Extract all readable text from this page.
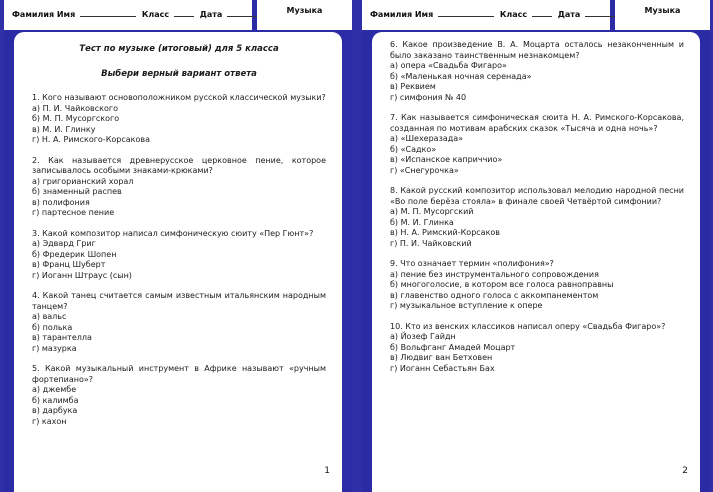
Фамилия Имя	Класс	Дата	Музыка
Тест по музыке (итоговый) для 5 класса
Выбери верный вариант ответа
1. Кого называют основоположником русской классической музыки?
а) П. И. Чайковского
б) М. П. Мусоргского
в) М. И. Глинку
г) Н. А. Римского-Корсакова
2. Как называется древнерусское церковное пение, которое записывалось особыми знаками-крюками?
а) григорианский хорал
б) знаменный распев
в) полифония
г) партесное пение
3. Какой композитор написал симфоническую сюиту «Пер Гюнт»?
а) Эдвард Григ
б) Фредерик Шопен
в) Франц Шуберт
г) Иоганн Штраус (сын)
4. Какой танец считается самым известным итальянским народным танцем?
а) вальс
б) полька
в) тарантелла
г) мазурка
5. Какой музыкальный инструмент в Африке называют «ручным фортепиано»?
а) джембе
б) калимба
в) дарбука
г) кахон
1
Фамилия Имя	Класс	Дата	Музыка
6. Какое произведение В. А. Моцарта осталось незаконченным и было заказано таинственным незнакомцем?
а) опера «Свадьба Фигаро»
б) «Маленькая ночная серенада»
в) Реквием
г) симфония № 40
7. Как называется симфоническая сюита Н. А. Римского-Корсакова, созданная по мотивам арабских сказок «Тысяча и одна ночь»?
а) «Шехеразада»
б) «Садко»
в) «Испанское каприччио»
г) «Снегурочка»
8. Какой русский композитор использовал мелодию народной песни «Во поле берёза стояла» в финале своей Четвёртой симфонии?
а) М. П. Мусоргский
б) М. И. Глинка
в) Н. А. Римский-Корсаков
г) П. И. Чайковский
9. Что означает термин «полифония»?
а) пение без инструментального сопровождения
б) многоголосие, в котором все голоса равноправны
в) главенство одного голоса с аккомпанементом
г) музыкальное вступление к опере
10. Кто из венских классиков написал оперу «Свадьба Фигаро»?
а) Йозеф Гайдн
б) Вольфганг Амадей Моцарт
в) Людвиг ван Бетховен
г) Иоганн Себастьян Бах
2
